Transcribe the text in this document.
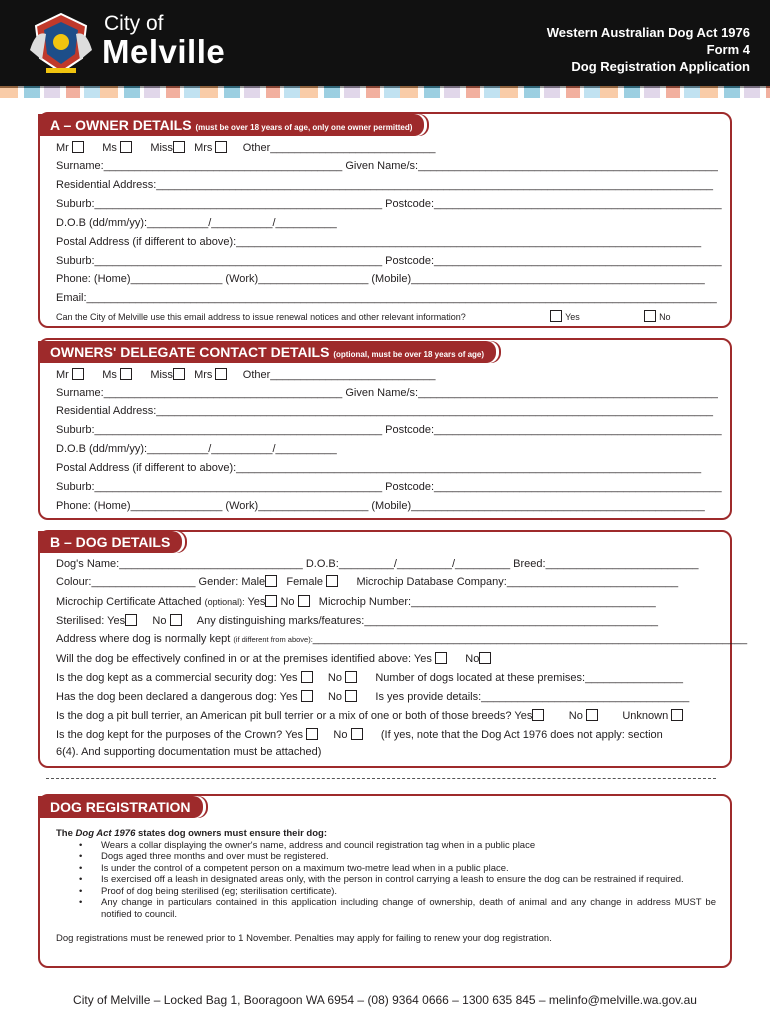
City of
Melville
Western Australian Dog Act 1976
Form 4
Dog Registration Application
A – OWNER DETAILS (must be over 18 years of age, only one owner permitted)
Mr	Ms	Miss Mrs	Other___________________________
Surname:_______________________________________ Given Name/s:_________________________________________________
Residential Address:___________________________________________________________________________________________
Suburb:_______________________________________________ Postcode:_______________________________________________
D.O.B (dd/mm/yy):__________/__________/__________
Postal Address (if different to above):____________________________________________________________________________
Suburb:_______________________________________________ Postcode:_______________________________________________
Phone: (Home)_______________ (Work)__________________ (Mobile)________________________________________________
Email:_______________________________________________________________________________________________________
Can the City of Melville use this email address to issue renewal notices and other relevant information?	Yes	No
OWNERS' DELEGATE CONTACT DETAILS (optional, must be over 18 years of age)
Mr	Ms	Miss Mrs	Other___________________________
Surname:_______________________________________ Given Name/s:_________________________________________________
Residential Address:___________________________________________________________________________________________
Suburb:_______________________________________________ Postcode:_______________________________________________
D.O.B (dd/mm/yy):__________/__________/__________
Postal Address (if different to above):____________________________________________________________________________
Suburb:_______________________________________________ Postcode:_______________________________________________
Phone: (Home)_______________ (Work)__________________ (Mobile)________________________________________________
B – DOG DETAILS
Dog's Name:______________________________ D.O.B:_________/_________/_________ Breed:_________________________
Colour:_________________ Gender: Male Female	Microchip Database Company:____________________________
Microchip Certificate Attached (optional): Yes No Microchip Number:________________________________________
Sterilised: Yes No	Any distinguishing marks/features:________________________________________________
Address where dog is normally kept (if different from above):_______________________________________________________________________
Will the dog be effectively confined in or at the premises identified above: Yes	No
Is the dog kept as a commercial security dog: Yes	No	Number of dogs located at these premises:________________
Has the dog been declared a dangerous dog: Yes	No	Is yes provide details:__________________________________
Is the dog a pit bull terrier, an American pit bull terrier or a mix of one or both of those breeds? Yes	No	Unknown
Is the dog kept for the purposes of the Crown? Yes	No	(If yes, note that the Dog Act 1976 does not apply: section
6(4). And supporting documentation must be attached)
DOG REGISTRATION
The Dog Act 1976 states dog owners must ensure their dog:
• Wears a collar displaying the owner's name, address and council registration tag when in a public place
• Dogs aged three months and over must be registered.
• Is under the control of a competent person on a maximum two-metre lead when in a public place.
• Is exercised off a leash in designated areas only, with the person in control carrying a leash to ensure the dog can be restrained if required.
• Proof of dog being sterilised (eg; sterilisation certificate).
• Any change in particulars contained in this application including change of ownership, death of animal and any change in address MUST be notified to council.
Dog registrations must be renewed prior to 1 November. Penalties may apply for failing to renew your dog registration.
City of Melville – Locked Bag 1, Booragoon WA 6954 – (08) 9364 0666 – 1300 635 845 – melinfo@melville.wa.gov.au
